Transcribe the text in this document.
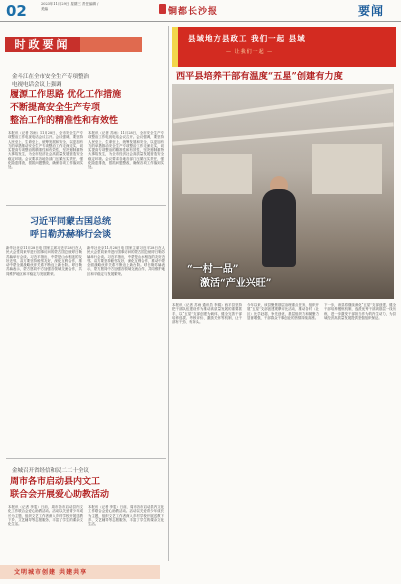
02	2023年11月29日 星期三 责任编辑 / 美编	铜都长沙报	要闻
时政要闻	县域地方县政工 我们一起 县域
— 让我们一起 —
金斗江在全市安全生产专项整治
电视电话会议上强调
履源工作思路 优化工作措施
不断提高安全生产专项
整治工作的精准性和有效性
本报讯（记者 苏雨）11月28日，全市安全生产专项整治工作电视电话会议召开。会议强调，要坚持人民至上、生命至上，统筹发展和安全，以更加有力的举措推动安全生产专项整治工作走深走实，切实提高专项整治的精准性和有效性，坚决遏制重特大事故发生，为全市经济社会高质量发展营造安全稳定环境。会议要求各地各部门压紧压实责任，强化隐患排查，狠抓问题整改，确保各项工作落到实处。
本报讯（记者 苏雨）11月28日，全市安全生产专项整治工作电视电话会议召开。会议强调，要坚持人民至上、生命至上，统筹发展和安全，以更加有力的举措推动安全生产专项整治工作走深走实，切实提高专项整治的精准性和有效性，坚决遏制重特大事故发生，为全市经济社会高质量发展营造安全稳定环境。会议要求各地各部门压紧压实责任，强化隐患排查，狠抓问题整改，确保各项工作落到实处。
习近平同蒙古国总统
呼日勒苏赫举行会谈
新华社北京11月28日电 国家主席习近平28日在人民大会堂同来华进行国事访问的蒙古国总统呼日勒苏赫举行会谈。习近平指出，中蒙是山水相连的友好近邻，双方要坚持睦邻友好，深化互利合作，推动中蒙全面战略伙伴关系不断迈上新台阶。呼日勒苏赫表示，蒙方愿同中方加强各领域交流合作，共同维护地区和平稳定与发展繁荣。
新华社北京11月28日电 国家主席习近平28日在人民大会堂同来华进行国事访问的蒙古国总统呼日勒苏赫举行会谈。习近平指出，中蒙是山水相连的友好近邻，双方要坚持睦邻友好，深化互利合作，推动中蒙全面战略伙伴关系不断迈上新台阶。呼日勒苏赫表示，蒙方愿同中方加强各领域交流合作，共同维护地区和平稳定与发展繁荣。
金城召开省经信和民二二十全议
周市各市启动县内文工
联合会开展爱心助教活动
本报讯（记者 李雯）日前，周市各市启动县内文化工作联合会爱心助教活动。活动以关爱青少年成长为主题，组织文艺工作者深入乡村学校开展送教下乡、文艺辅导等志愿服务，丰富了学生的课余文化生活。
本报讯（记者 李雯）日前，周市各市启动县内文化工作联合会爱心助教活动。活动以关爱青少年成长为主题，组织文艺工作者深入乡村学校开展送教下乡、文艺辅导等志愿服务，丰富了学生的课余文化生活。
西平县培养干部有温度“五星”创建有力度
“一村一品”
激活“产业兴旺”
本报讯（记者 苏雨 通讯员 李娟）西平县坚持把干部队伍建设作为推动高质量发展的重要抓手，以“五星”支部创建为载体，健全完善干部培养选拔、考核评价、激励关怀等机制，让干部有干劲、有奔头。
今年以来，该县聚焦基层治理重点任务，组织开展“五星”支部创建观摩评比活动，推动各村（社区）比学赶超、争先创优，基层组织力和凝聚力显著增强，干部群众干事创业的热情持续高涨。
下一步，该县将继续深化“五星”支部创建，健全干部培养锻炼机制，选派优秀干部到基层一线历练，进一步激发干部担当作为的内生动力，为县域经济高质量发展提供坚强组织保证。
文明城市创建 共建共享
